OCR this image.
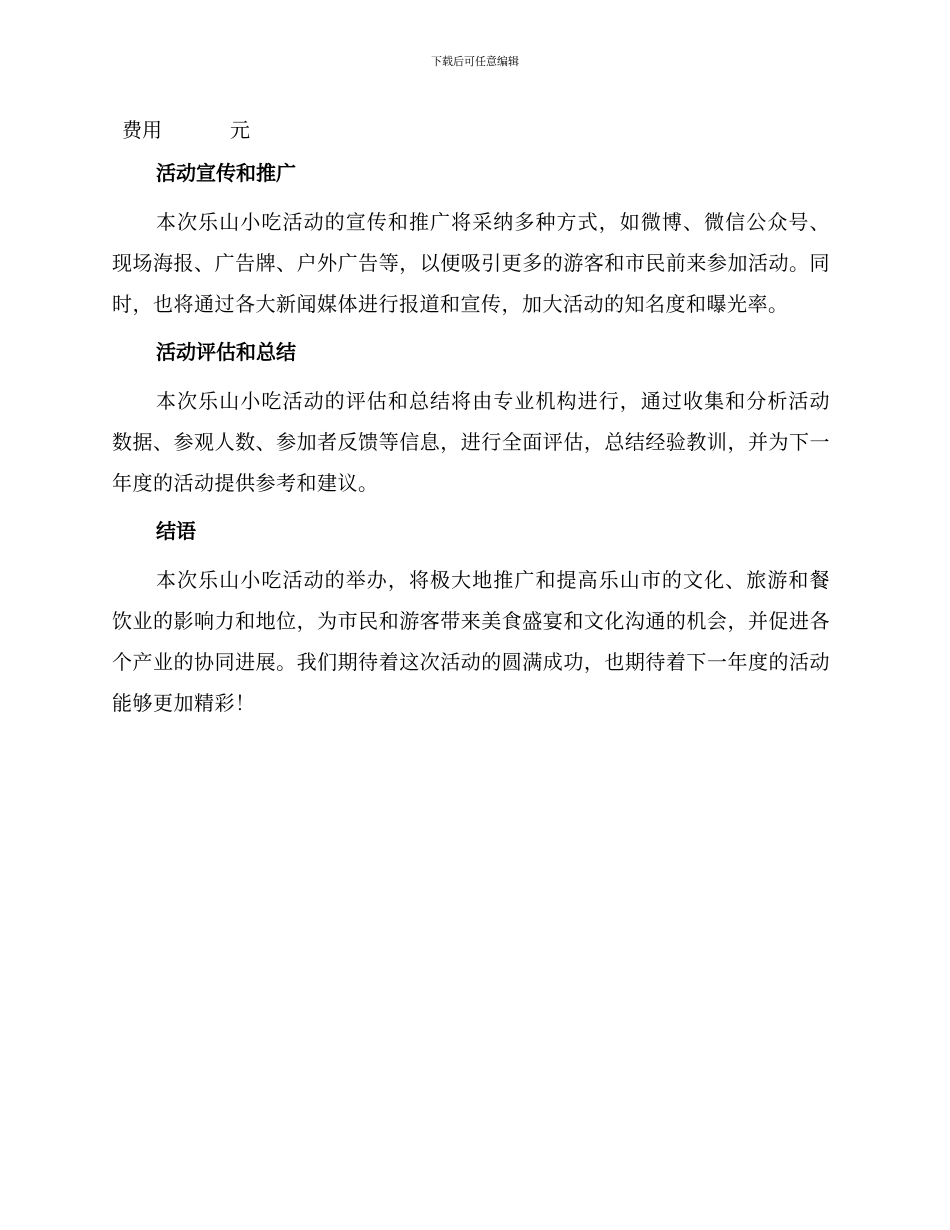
下载后可任意编辑
费用	元
活动宣传和推广

本次乐山小吃活动的宣传和推广将采纳多种方式，如微博、微信公众号、现场海报、广告牌、户外广告等，以便吸引更多的游客和市民前来参加活动。同时，也将通过各大新闻媒体进行报道和宣传，加大活动的知名度和曝光率。

活动评估和总结

本次乐山小吃活动的评估和总结将由专业机构进行，通过收集和分析活动数据、参观人数、参加者反馈等信息，进行全面评估，总结经验教训，并为下一年度的活动提供参考和建议。

结语

本次乐山小吃活动的举办，将极大地推广和提高乐山市的文化、旅游和餐饮业的影响力和地位，为市民和游客带来美食盛宴和文化沟通的机会，并促进各个产业的协同进展。我们期待着这次活动的圆满成功，也期待着下一年度的活动能够更加精彩！
